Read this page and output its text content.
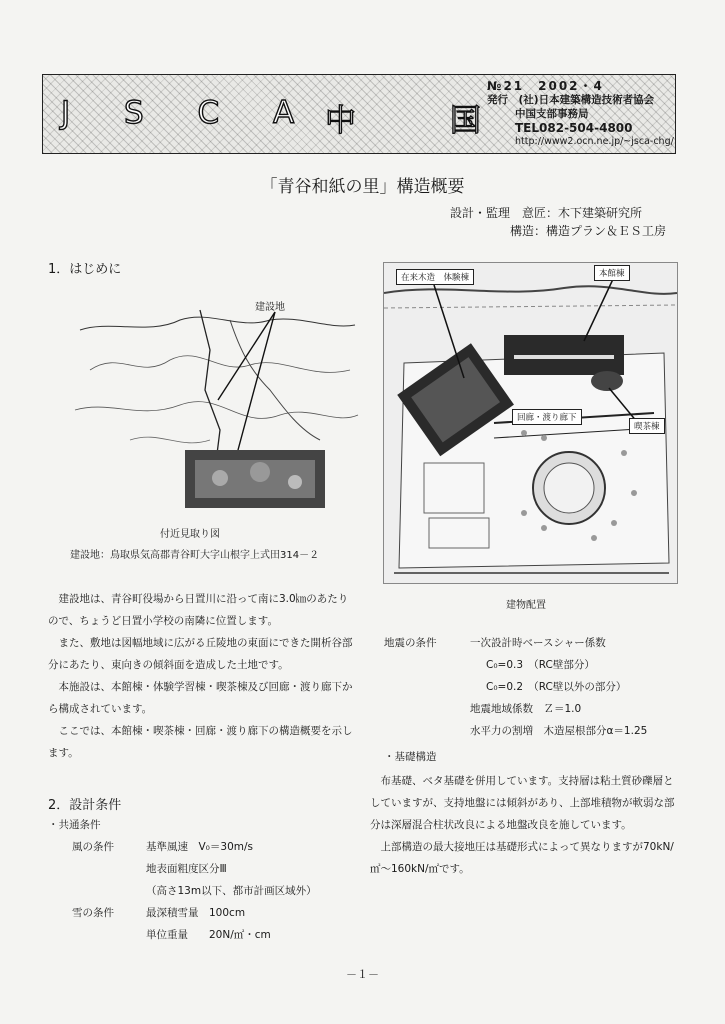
J S C A 中 国
№21　2002・4
発行　 (社)日本建築構造技術者協会
中国支部事務局
TEL082-504-4800
http://www2.ocn.ne.jp/~jsca-chg/
「青谷和紙の里」構造概要
設計・監理　 意匠：木下建築研究所
構造：構造プラン＆ＥＳ工房
1．はじめに
建設地
付近見取り図
建設地：鳥取県気高郡青谷町大字山根字上式田314－２
建設地は、青谷町役場から日置川に沿って南に3.0㎞のあたりので、ちょうど日置小学校の南隣に位置します。
また、敷地は図幅地域に広がる丘陵地の東面にできた開析谷部分にあたり、東向きの傾斜面を造成した土地です。
本施設は、本館棟・体験学習棟・喫茶棟及び回廊・渡り廊下から構成されています。
ここでは、本館棟・喫茶棟・回廊・渡り廊下の構造概要を示します。
2．設計条件
・共通条件
風の条件	基準風速　V₀＝30m/s
地表面粗度区分Ⅲ
（高さ13m以下、都市計画区域外）
雪の条件	最深積雪量　100cm
単位重量　　20N/㎡・cm
在来木造　体験棟	本館棟
回廊・渡り廊下
喫茶棟
建物配置
地震の条件	一次設計時ベースシャー係数
C₀=0.3　（RC壁部分）
C₀=0.2　（RC壁以外の部分）
地震地域係数　Ｚ＝1.0
水平力の割増　木造屋根部分α＝1.25
・基礎構造
布基礎、ベタ基礎を併用しています。支持層は粘土質砂礫層としていますが、支持地盤には傾斜があり、上部堆積物が軟弱な部分は深層混合柱状改良による地盤改良を施しています。
上部構造の最大接地圧は基礎形式によって異なりますが70kN/㎡～160kN/㎡です。
－１－
